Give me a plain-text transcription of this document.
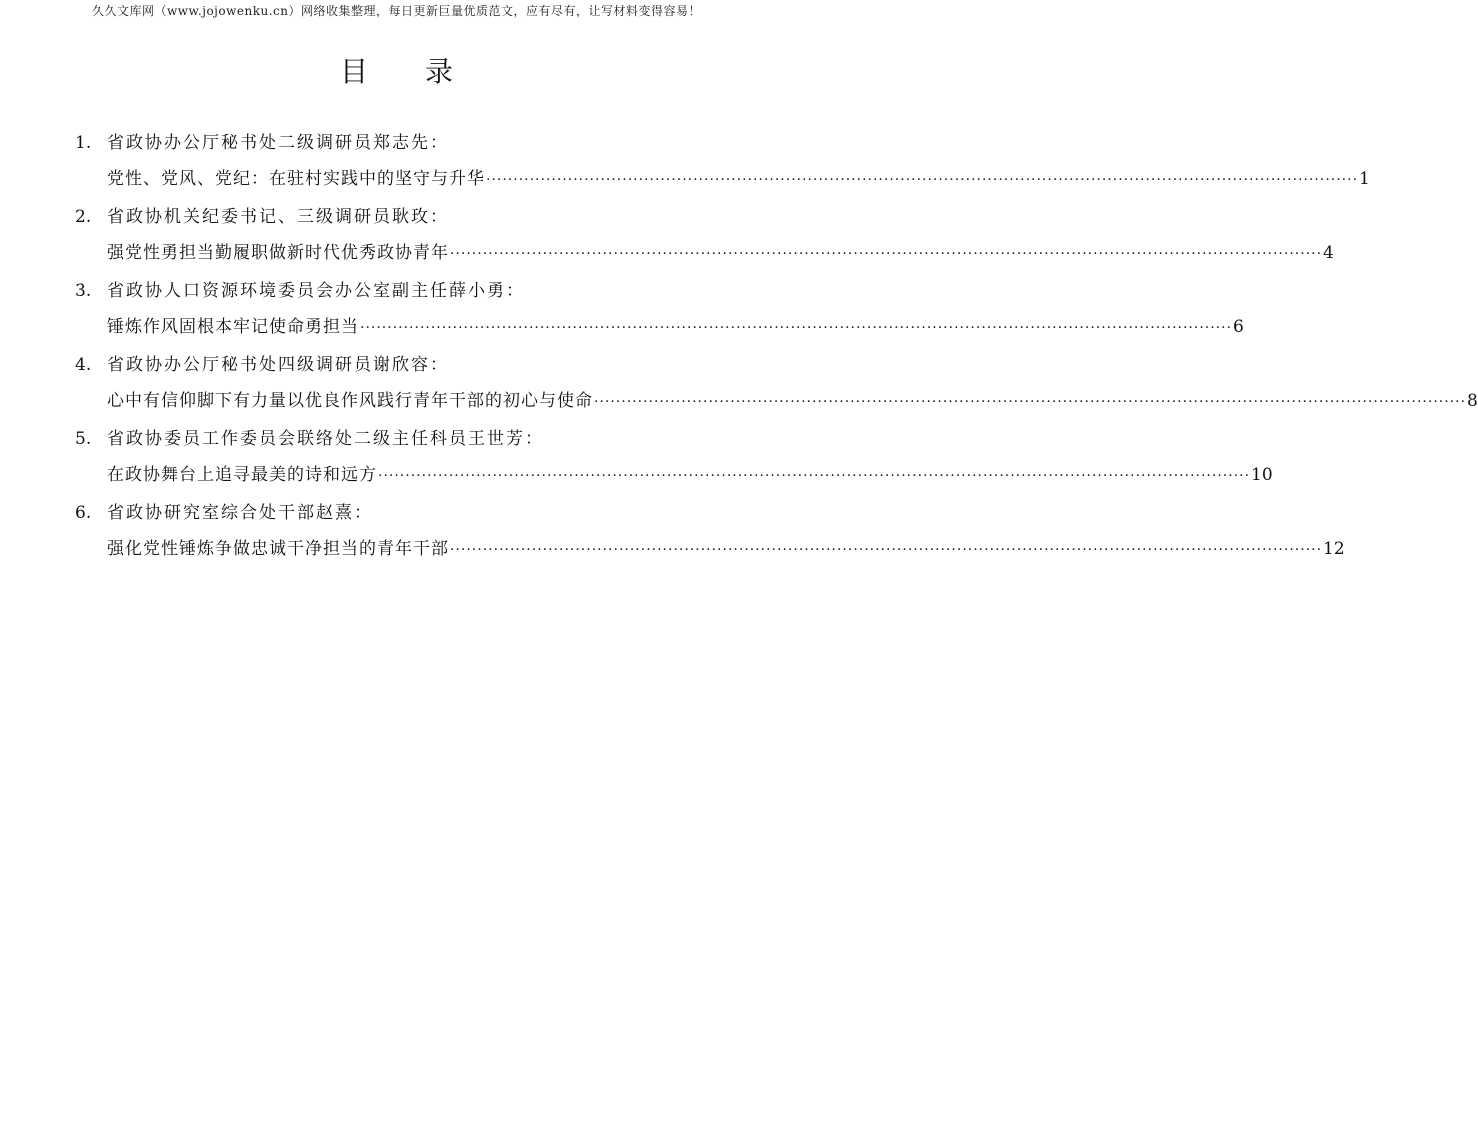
久久文库网（www.jojowenku.cn）网络收集整理，每日更新巨量优质范文，应有尽有，让写材料变得容易！
目 录
1. 省政协办公厅秘书处二级调研员郑志先：
党性、党风、党纪：在驻村实践中的坚守与升华 ································································································································································ 1
2. 省政协机关纪委书记、三级调研员耿玫：
强党性勇担当勤履职做新时代优秀政协青年 ································································································································································ 4
3. 省政协人口资源环境委员会办公室副主任薛小勇：
锤炼作风固根本牢记使命勇担当 ································································································································································ 6
4. 省政协办公厅秘书处四级调研员谢欣容：
心中有信仰脚下有力量以优良作风践行青年干部的初心与使命 ································································································································································ 8
5. 省政协委员工作委员会联络处二级主任科员王世芳：
在政协舞台上追寻最美的诗和远方 ································································································································································ 10
6. 省政协研究室综合处干部赵熹：
强化党性锤炼争做忠诚干净担当的青年干部 ································································································································································ 12
